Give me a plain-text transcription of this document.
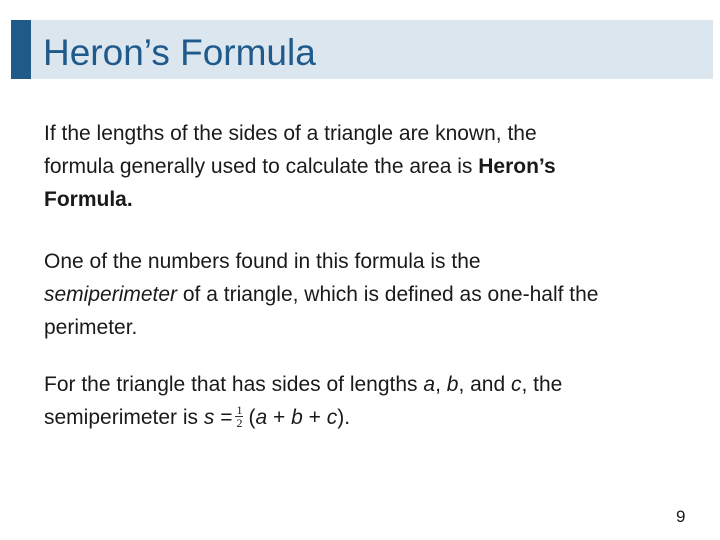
Heron’s Formula

If the lengths of the sides of a triangle are known, the
formula generally used to calculate the area is Heron’s
Formula.

One of the numbers found in this formula is the
semiperimeter of a triangle, which is defined as one-half the
perimeter.

For the triangle that has sides of lengths a, b, and c, the
semiperimeter is $s = \frac{1}{2} (a + b + c)$.

9
